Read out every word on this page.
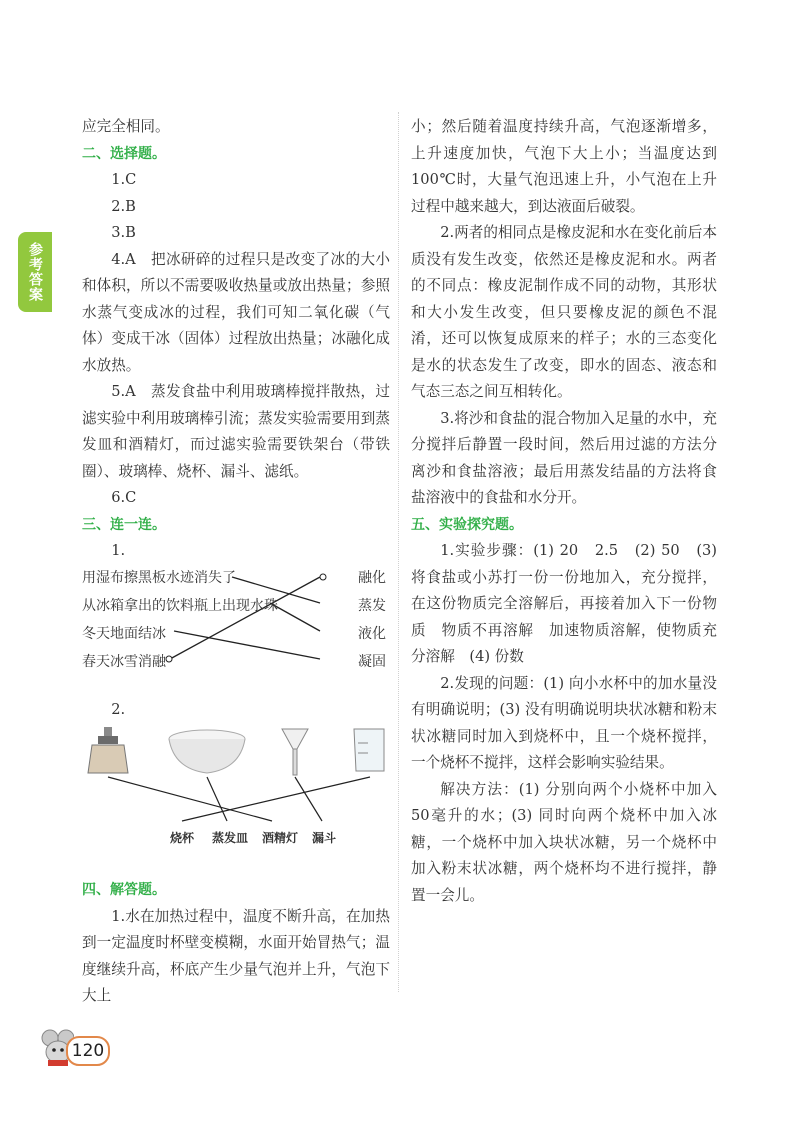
参考答案

应完全相同。

二、选择题。

1.C

2.B

3.B

4.A　把冰研碎的过程只是改变了冰的大小和体积，所以不需要吸收热量或放出热量；参照水蒸气变成冰的过程，我们可知二氧化碳（气体）变成干冰（固体）过程放出热量；冰融化成水放热。

5.A　蒸发食盐中利用玻璃棒搅拌散热，过滤实验中利用玻璃棒引流；蒸发实验需要用到蒸发皿和酒精灯，而过滤实验需要铁架台（带铁圈）、玻璃棒、烧杯、漏斗、滤纸。

6.C

三、连一连。

1.

用湿布擦黑板水迹消失了
从冰箱拿出的饮料瓶上出现水珠
冬天地面结冰
春天冰雪消融
融化
蒸发
液化
凝固

2.

烧杯 蒸发皿 酒精灯 漏斗

四、解答题。

1.水在加热过程中，温度不断升高，在加热到一定温度时杯壁变模糊，水面开始冒热气；温度继续升高，杯底产生少量气泡并上升，气泡下大上

小；然后随着温度持续升高，气泡逐渐增多，上升速度加快，气泡下大上小；当温度达到100℃时，大量气泡迅速上升，小气泡在上升过程中越来越大，到达液面后破裂。

2.两者的相同点是橡皮泥和水在变化前后本质没有发生改变，依然还是橡皮泥和水。两者的不同点：橡皮泥制作成不同的动物，其形状和大小发生改变，但只要橡皮泥的颜色不混淆，还可以恢复成原来的样子；水的三态变化是水的状态发生了改变，即水的固态、液态和气态三态之间互相转化。

3.将沙和食盐的混合物加入足量的水中，充分搅拌后静置一段时间，然后用过滤的方法分离沙和食盐溶液；最后用蒸发结晶的方法将食盐溶液中的食盐和水分开。

五、实验探究题。

1.实验步骤：(1) 20　2.5　(2) 50　(3) 将食盐或小苏打一份一份地加入，充分搅拌，在这份物质完全溶解后，再接着加入下一份物质　物质不再溶解　加速物质溶解，使物质充分溶解　(4) 份数

2.发现的问题：(1) 向小水杯中的加水量没有明确说明；(3) 没有明确说明块状冰糖和粉末状冰糖同时加入到烧杯中，且一个烧杯搅拌，一个烧杯不搅拌，这样会影响实验结果。

解决方法：(1) 分别向两个小烧杯中加入50毫升的水；(3) 同时向两个烧杯中加入冰糖，一个烧杯中加入块状冰糖，另一个烧杯中加入粉末状冰糖，两个烧杯均不进行搅拌，静置一会儿。

120
